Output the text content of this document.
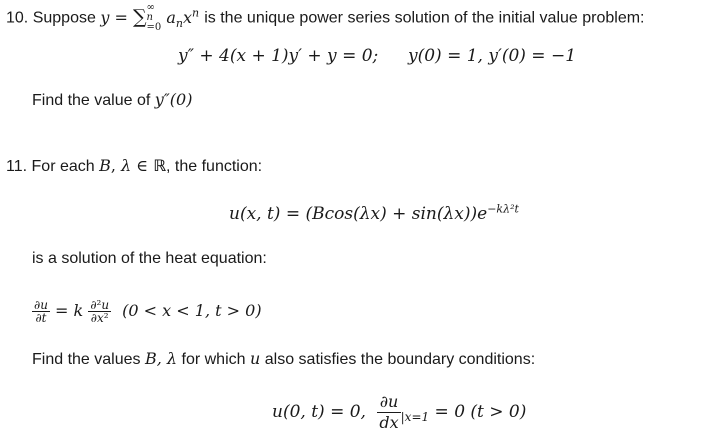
10. Suppose y = ∑ ∞
n
=0
$a_nx^n$ is the unique power series solution of the initial value problem:
y″ + 4(x + 1)y′ + y = 0; y(0) = 1, y′(0) = −1
Find the value of y″(0)
11. For each B, λ ∈ ℝ, the function:
u(x, $t) = (Bcos(\lambda x) + \sin(\lambda x))e^{-k\lambda^2t}$
is a solution of the heat equation:
$\frac{\partial u}{\partial t} = k \frac{\text{∂²u}}{\text{∂x²}} (0 < x < 1$, t > 0)
Find the values B, λ for which u also satisfies the boundary conditions:
u(0, t) = 0, $\frac{\partial u}{dx} _{|x=1} = 0$ (t > 0)
